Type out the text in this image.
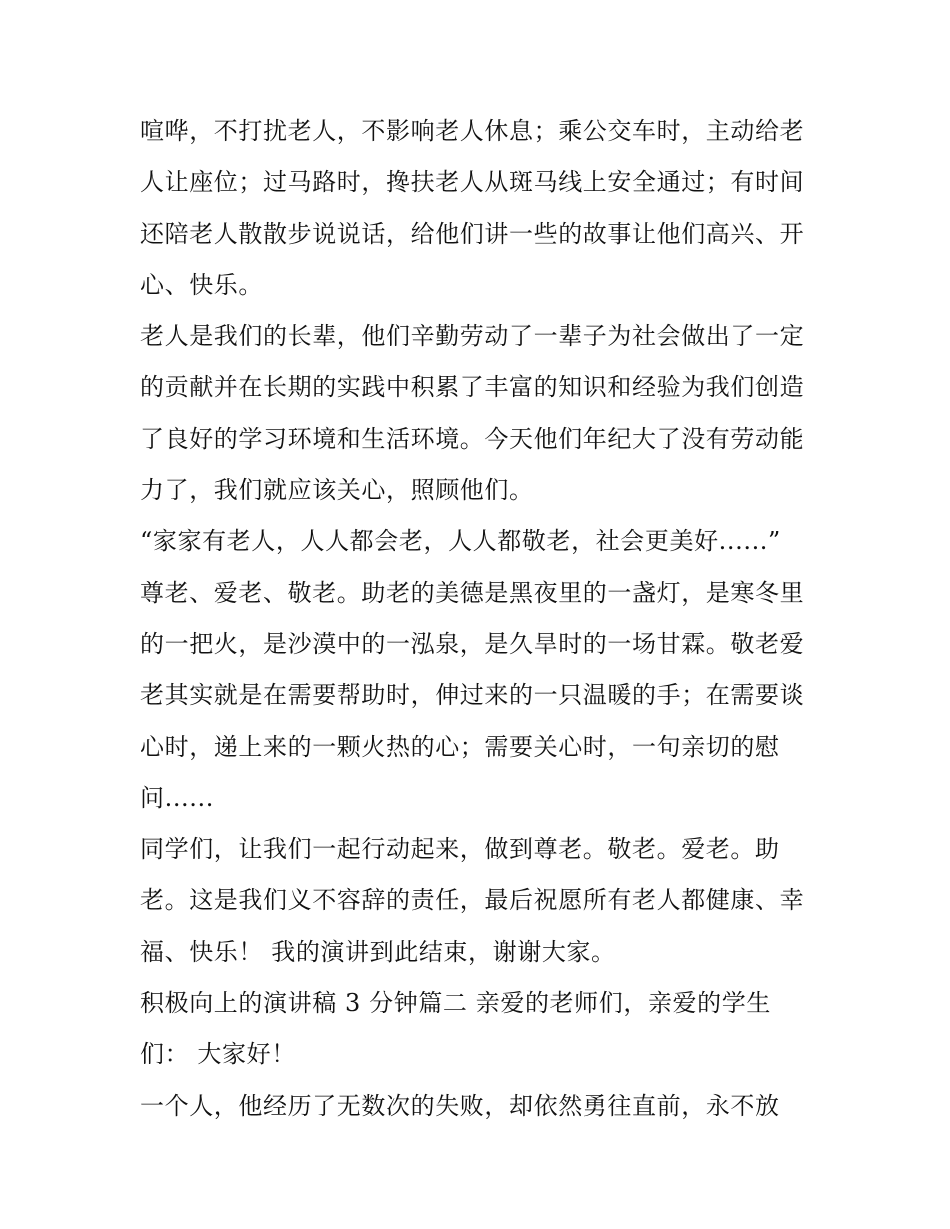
喧哗，不打扰老人，不影响老人休息；乘公交车时，主动给老
人让座位；过马路时，搀扶老人从斑马线上安全通过；有时间
还陪老人散散步说说话，给他们讲一些的故事让他们高兴、开
心、快乐。
老人是我们的长辈，他们辛勤劳动了一辈子为社会做出了一定
的贡献并在长期的实践中积累了丰富的知识和经验为我们创造
了良好的学习环境和生活环境。今天他们年纪大了没有劳动能
力了，我们就应该关心，照顾他们。
“家家有老人，人人都会老，人人都敬老，社会更美好......”
尊老、爱老、敬老。助老的美德是黑夜里的一盏灯，是寒冬里
的一把火，是沙漠中的一泓泉，是久旱时的一场甘霖。敬老爱
老其实就是在需要帮助时，伸过来的一只温暖的手；在需要谈
心时，递上来的一颗火热的心；需要关心时，一句亲切的慰
问......
同学们，让我们一起行动起来，做到尊老。敬老。爱老。助
老。这是我们义不容辞的责任，最后祝愿所有老人都健康、幸
福、快乐！ 我的演讲到此结束，谢谢大家。
积极向上的演讲稿 3 分钟篇二 亲爱的老师们，亲爱的学生
们： 大家好！
一个人，他经历了无数次的失败，却依然勇往直前，永不放
